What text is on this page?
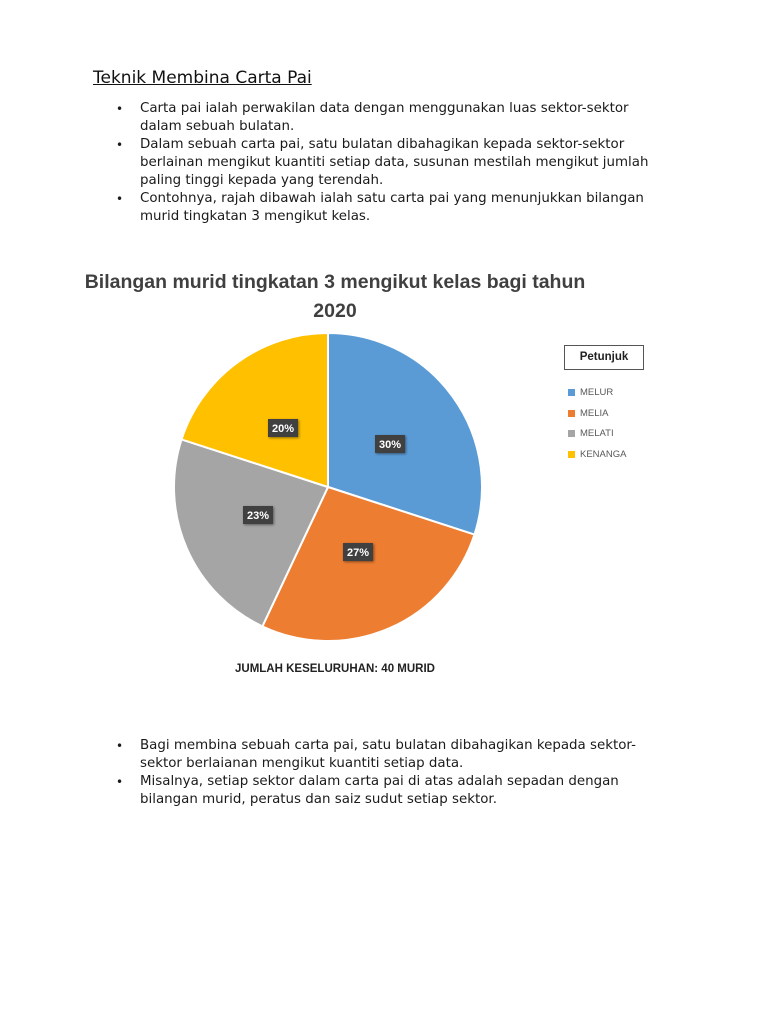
Teknik Membina Carta Pai
• Carta pai ialah perwakilan data dengan menggunakan luas sektor-sektor dalam sebuah bulatan.
• Dalam sebuah carta pai, satu bulatan dibahagikan kepada sektor-sektor berlainan mengikut kuantiti setiap data, susunan mestilah mengikut jumlah paling tinggi kepada yang terendah.
• Contohnya, rajah dibawah ialah satu carta pai yang menunjukkan bilangan murid tingkatan 3 mengikut kelas.
Bilangan murid tingkatan 3 mengikut kelas bagi tahun 2020
30%
27%
23%
20%
Petunjuk
MELUR
MELIA
MELATI
KENANGA
JUMLAH KESELURUHAN: 40 MURID
• Bagi membina sebuah carta pai, satu bulatan dibahagikan kepada sektor-sektor berlaianan mengikut kuantiti setiap data.
• Misalnya, setiap sektor dalam carta pai di atas adalah sepadan dengan bilangan murid, peratus dan saiz sudut setiap sektor.
